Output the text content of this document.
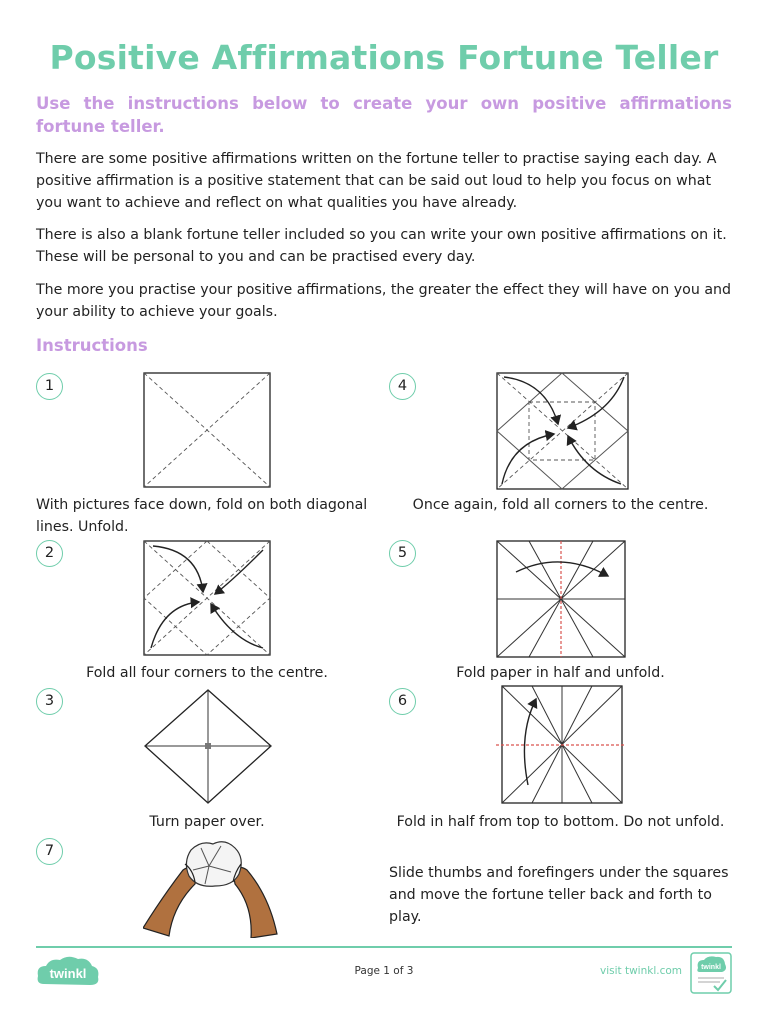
Positive Affirmations Fortune Teller
Use the instructions below to create your own positive affirmations fortune teller.
There are some positive affirmations written on the fortune teller to practise saying each day. A positive affirmation is a positive statement that can be said out loud to help you focus on what you want to achieve and reflect on what qualities you have already.
There is also a blank fortune teller included so you can write your own positive affirmations on it. These will be personal to you and can be practised every day.
The more you practise your positive affirmations, the greater the effect they will have on you and your ability to achieve your goals.
Instructions
1
With pictures face down, fold on both diagonal lines. Unfold.
2
Fold all four corners to the centre.
3
Turn paper over.
4
Once again, fold all corners to the centre.
5
Fold paper in half and unfold.
6
Fold in half from top to bottom. Do not unfold.
7
Slide thumbs and forefingers under the squares and move the fortune teller back and forth to play.
twinkl	Page 1 of 3	visit twinkl.com	twinkl
